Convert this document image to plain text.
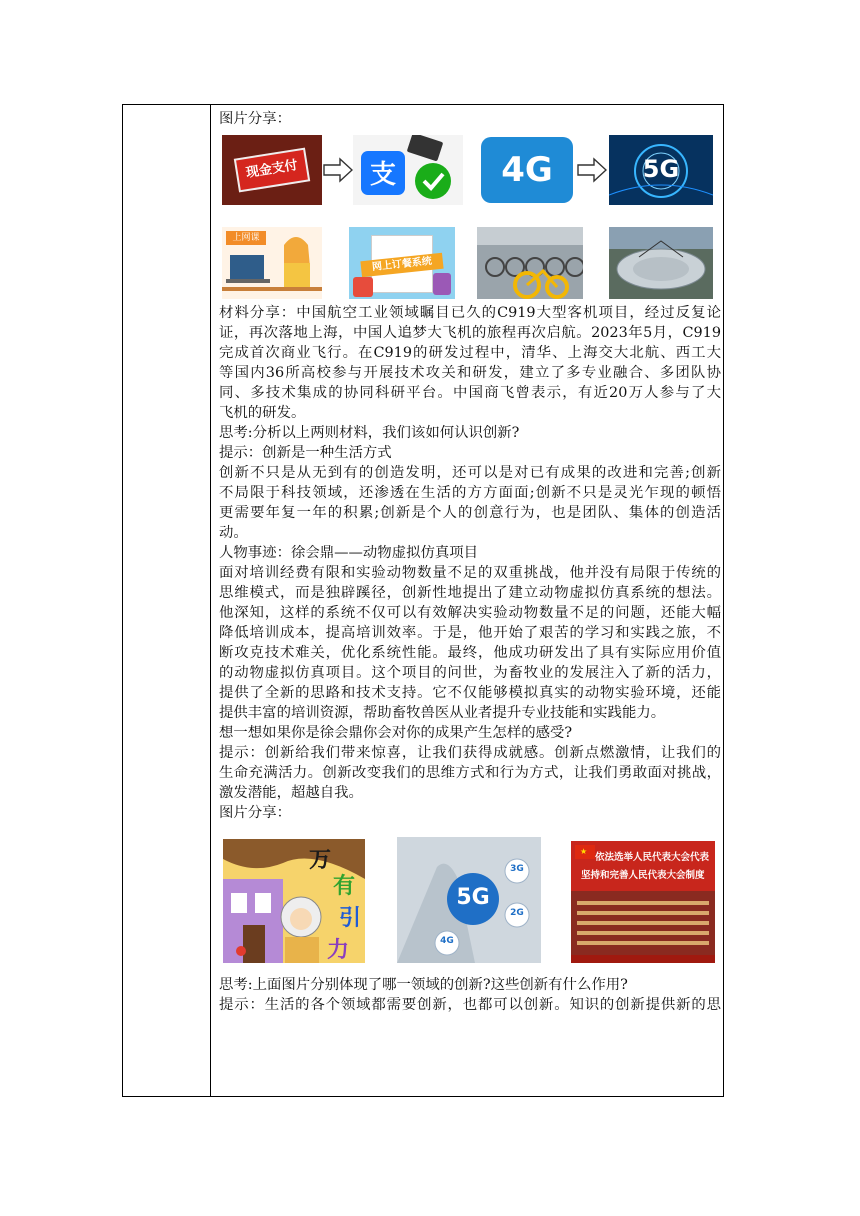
图片分享：
现金支付	支	4G	5G
上网课
网上订餐系统
材料分享：中国航空工业领域瞩目已久的C919大型客机项目，经过反复论
证，再次落地上海，中国人追梦大飞机的旅程再次启航。2023年5月，C919
完成首次商业飞行。在C919的研发过程中，清华、上海交大北航、西工大
等国内36所高校参与开展技术攻关和研发，建立了多专业融合、多团队协
同、多技术集成的协同科研平台。中国商飞曾表示，有近20万人参与了大
飞机的研发。
思考:分析以上两则材料，我们该如何认识创新?
提示：创新是一种生活方式
创新不只是从无到有的创造发明，还可以是对已有成果的改进和完善;创新
不局限于科技领域，还渗透在生活的方方面面;创新不只是灵光乍现的顿悟
更需要年复一年的积累;创新是个人的创意行为，也是团队、集体的创造活
动。
人物事迹：徐会鼎——动物虚拟仿真项目
面对培训经费有限和实验动物数量不足的双重挑战，他并没有局限于传统的
思维模式，而是独辟蹊径，创新性地提出了建立动物虚拟仿真系统的想法。
他深知，这样的系统不仅可以有效解决实验动物数量不足的问题，还能大幅
降低培训成本，提高培训效率。于是，他开始了艰苦的学习和实践之旅，不
断攻克技术难关，优化系统性能。最终，他成功研发出了具有实际应用价值
的动物虚拟仿真项目。这个项目的问世，为畜牧业的发展注入了新的活力，
提供了全新的思路和技术支持。它不仅能够模拟真实的动物实验环境，还能
提供丰富的培训资源，帮助畜牧兽医从业者提升专业技能和实践能力。
想一想如果你是徐会鼎你会对你的成果产生怎样的感受?
提示：创新给我们带来惊喜，让我们获得成就感。创新点燃激情，让我们的
生命充满活力。创新改变我们的思维方式和行为方式，让我们勇敢面对挑战，
激发潜能，超越自我。
图片分享：
万
有
引
力
5G
3G
2G
4G
★
依法选举人民代表大会代表
坚持和完善人民代表大会制度
思考:上面图片分别体现了哪一领域的创新?这些创新有什么作用?
提示：生活的各个领域都需要创新，也都可以创新。知识的创新提供新的思
